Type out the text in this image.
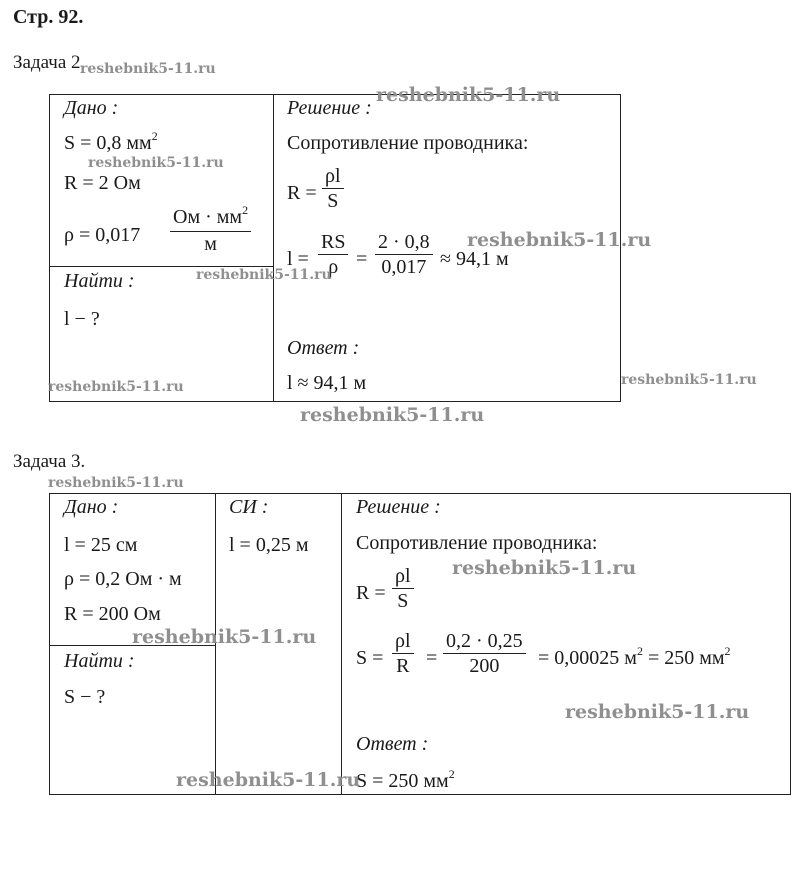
Стр. 92.
Задача 2.
Дано :
S = 0,8 $мм^2$
R = 2 Ом
ρ = 0,017
Ом · $мм^2$
м
Найти :
l − ?
Решение :
Сопротивление проводника:
R =
ρl
S
l =
RS
ρ =
2 · 0,8
0,017 ≈ 94,1 м
Ответ :
l ≈ 94,1 м
Задача 3.
Дано :
l = 25 см
ρ = 0,2 Ом · м
R = 200 Ом
СИ :
l = 0,25 м
Найти :
S − ?
Решение :
Сопротивление проводника:
R =
ρl
S
S =
ρl
R =
0,2 · 0,25
200 = 0,00025 $м^2 = 250$ $мм^2$
Ответ :
S = 250 $мм^2$
reshebnik5-11.ru
reshebnik5-11.ru
reshebnik5-11.ru
reshebnik5-11.ru
reshebnik5-11.ru
reshebnik5-11.ru	reshebnik5-11.ru
reshebnik5-11.ru
reshebnik5-11.ru
reshebnik5-11.ru
reshebnik5-11.ru
reshebnik5-11.ru
reshebnik5-11.ru
